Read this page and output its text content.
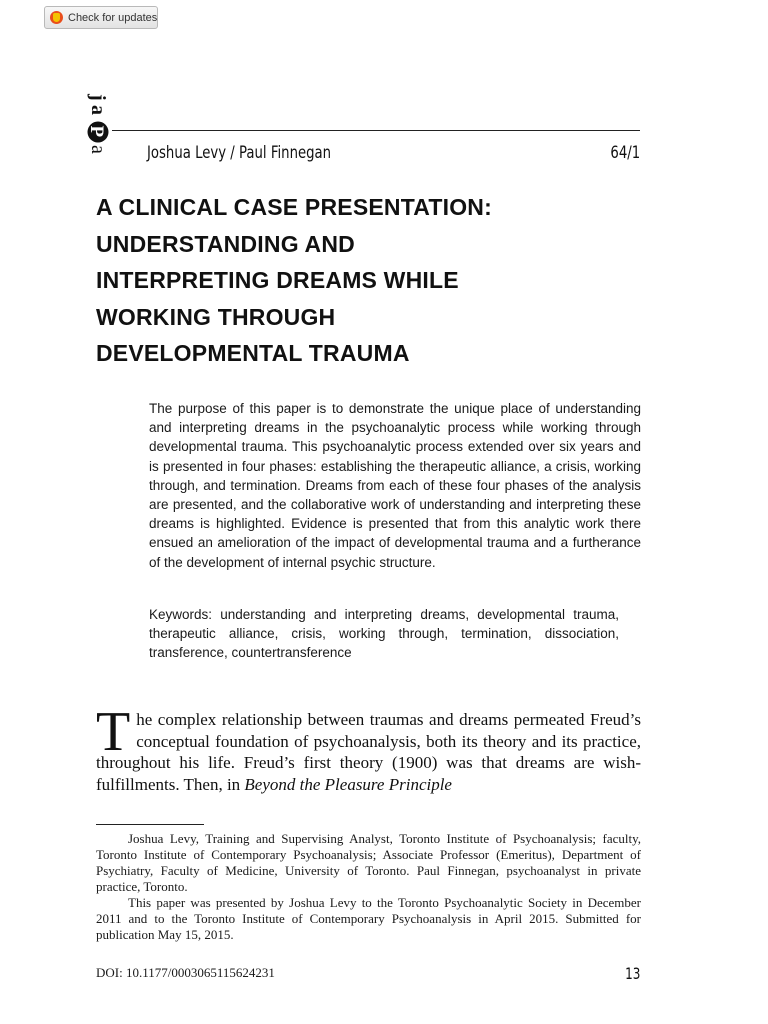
Check for updates
j
a
P
a Joshua Levy / Paul Finnegan	64/1
A CLINICAL CASE PRESENTATION:
UNDERSTANDING AND
INTERPRETING DREAMS WHILE
WORKING THROUGH
DEVELOPMENTAL TRAUMA

The purpose of this paper is to demonstrate the unique place of understanding and interpreting dreams in the psychoanalytic process while working through developmental trauma. This psychoanalytic process extended over six years and is presented in four phases: establishing the therapeutic alliance, a crisis, working through, and termination. Dreams from each of these four phases of the analysis are presented, and the collaborative work of understanding and interpreting these dreams is highlighted. Evidence is presented that from this analytic work there ensued an amelioration of the impact of developmental trauma and a furtherance of the development of internal psychic structure.

Keywords: understanding and interpreting dreams, developmental trauma, therapeutic alliance, crisis, working through, termination, dissociation, transference, countertransference

T he complex relationship between traumas and dreams permeated Freud’s conceptual foundation of psychoanalysis, both its theory and its practice, throughout his life. Freud’s first theory (1900) was that dreams are wish-fulfillments. Then, in Beyond the Pleasure Principle

Joshua Levy, Training and Supervising Analyst, Toronto Institute of Psychoanalysis; faculty, Toronto Institute of Contemporary Psychoanalysis; Associate Professor (Emeritus), Department of Psychiatry, Faculty of Medicine, University of Toronto. Paul Finnegan, psychoanalyst in private practice, Toronto.

This paper was presented by Joshua Levy to the Toronto Psychoanalytic Society in December 2011 and to the Toronto Institute of Contemporary Psychoanalysis in April 2015. Submitted for publication May 15, 2015.

DOI: 10.1177/0003065115624231	13
